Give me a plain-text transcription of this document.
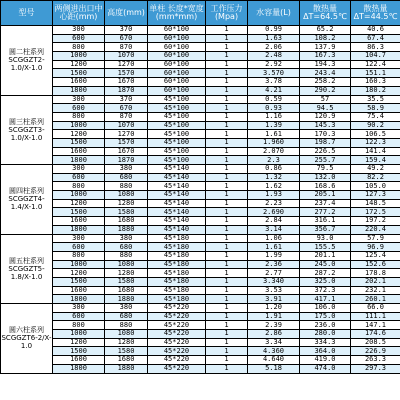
型号	两侧进出口中心距(mm)	高度(mm)	单柱 长度*宽度(mm*mm)	工作压力(Mpa)	水容量(L)	散热量 ΔT=64.5℃	散热量 ΔT=44.5℃
圆二柱系列 SCGGZT2-1.0/X-1.0	300	370	60*100	1	0.99	65.2	40.6
	600	670	60*100	1	1.63	108.2	67.4
	800	870	60*100	1	2.06	137.9	86.3
	1000	1070	60*100	1	2.48	167.3	104.7
	1200	1270	60*100	1	2.92	194.3	122.4
	1500	1570	60*100	1	3.570	243.4	151.1
	1600	1670	60*100	1	3.78	258.2	160.3
	1800	1870	60*100	1	4.21	290.2	180.2
圆三柱系列 SCGGZT3-1.0/X-1.0	300	370	45*100	1	0.59	57	35.5
	600	670	45*100	1	0.93	94.5	58.9
	800	870	45*100	1	1.16	120.9	75.4
	1000	1070	45*100	1	1.39	145.3	90.2
	1200	1270	45*100	1	1.61	170.3	106.5
	1500	1570	45*100	1	1.960	198.7	122.3
	1600	1670	45*100	1	2.070	226.5	141.4
	1800	1870	45*100	1	2.3	255.7	159.4
圆四柱系列 SCGGZT4-1.4/X-1.0	300	380	45*140	1	0.86	79.5	49.2
	600	680	45*140	1	1.32	132.0	82.2
	800	880	45*140	1	1.62	168.6	105.0
	1000	1080	45*140	1	1.93	205.1	127.3
	1200	1280	45*140	1	2.23	237.4	148.5
	1500	1580	45*140	1	2.690	277.2	172.5
	1600	1680	45*140	1	2.84	316.1	197.2
	1800	1880	45*140	1	3.14	356.7	220.4
圆五柱系列 SCGGZT5-1.8/X-1.0	300	380	45*180	1	1.06	93.0	57.9
	600	680	45*180	1	1.61	155.5	96.9
	800	880	45*180	1	1.99	201.1	125.4
	1000	1080	45*180	1	2.36	245.0	152.6
	1200	1280	45*180	1	2.77	287.2	178.8
	1500	1580	45*180	1	3.340	325.0	202.1
	1600	1680	45*180	1	3.53	372.3	232.1
	1800	1880	45*180	1	3.91	417.1	260.1
圆六柱系列 SCGGZT6-2/X-1.0	300	380	45*220	1	1.20	106.0	66.0
	600	680	45*220	1	1.91	175.0	111.1
	800	880	45*220	1	2.39	236.0	147.1
	1000	1080	45*220	1	2.86	280.0	174.6
	1200	1280	45*220	1	3.34	334.3	208.5
	1500	1580	45*220	1	4.360	364.0	226.9
	1600	1680	45*220	1	4.640	419.0	263.3
	1800	1880	45*220	1	5.18	474.0	297.3
